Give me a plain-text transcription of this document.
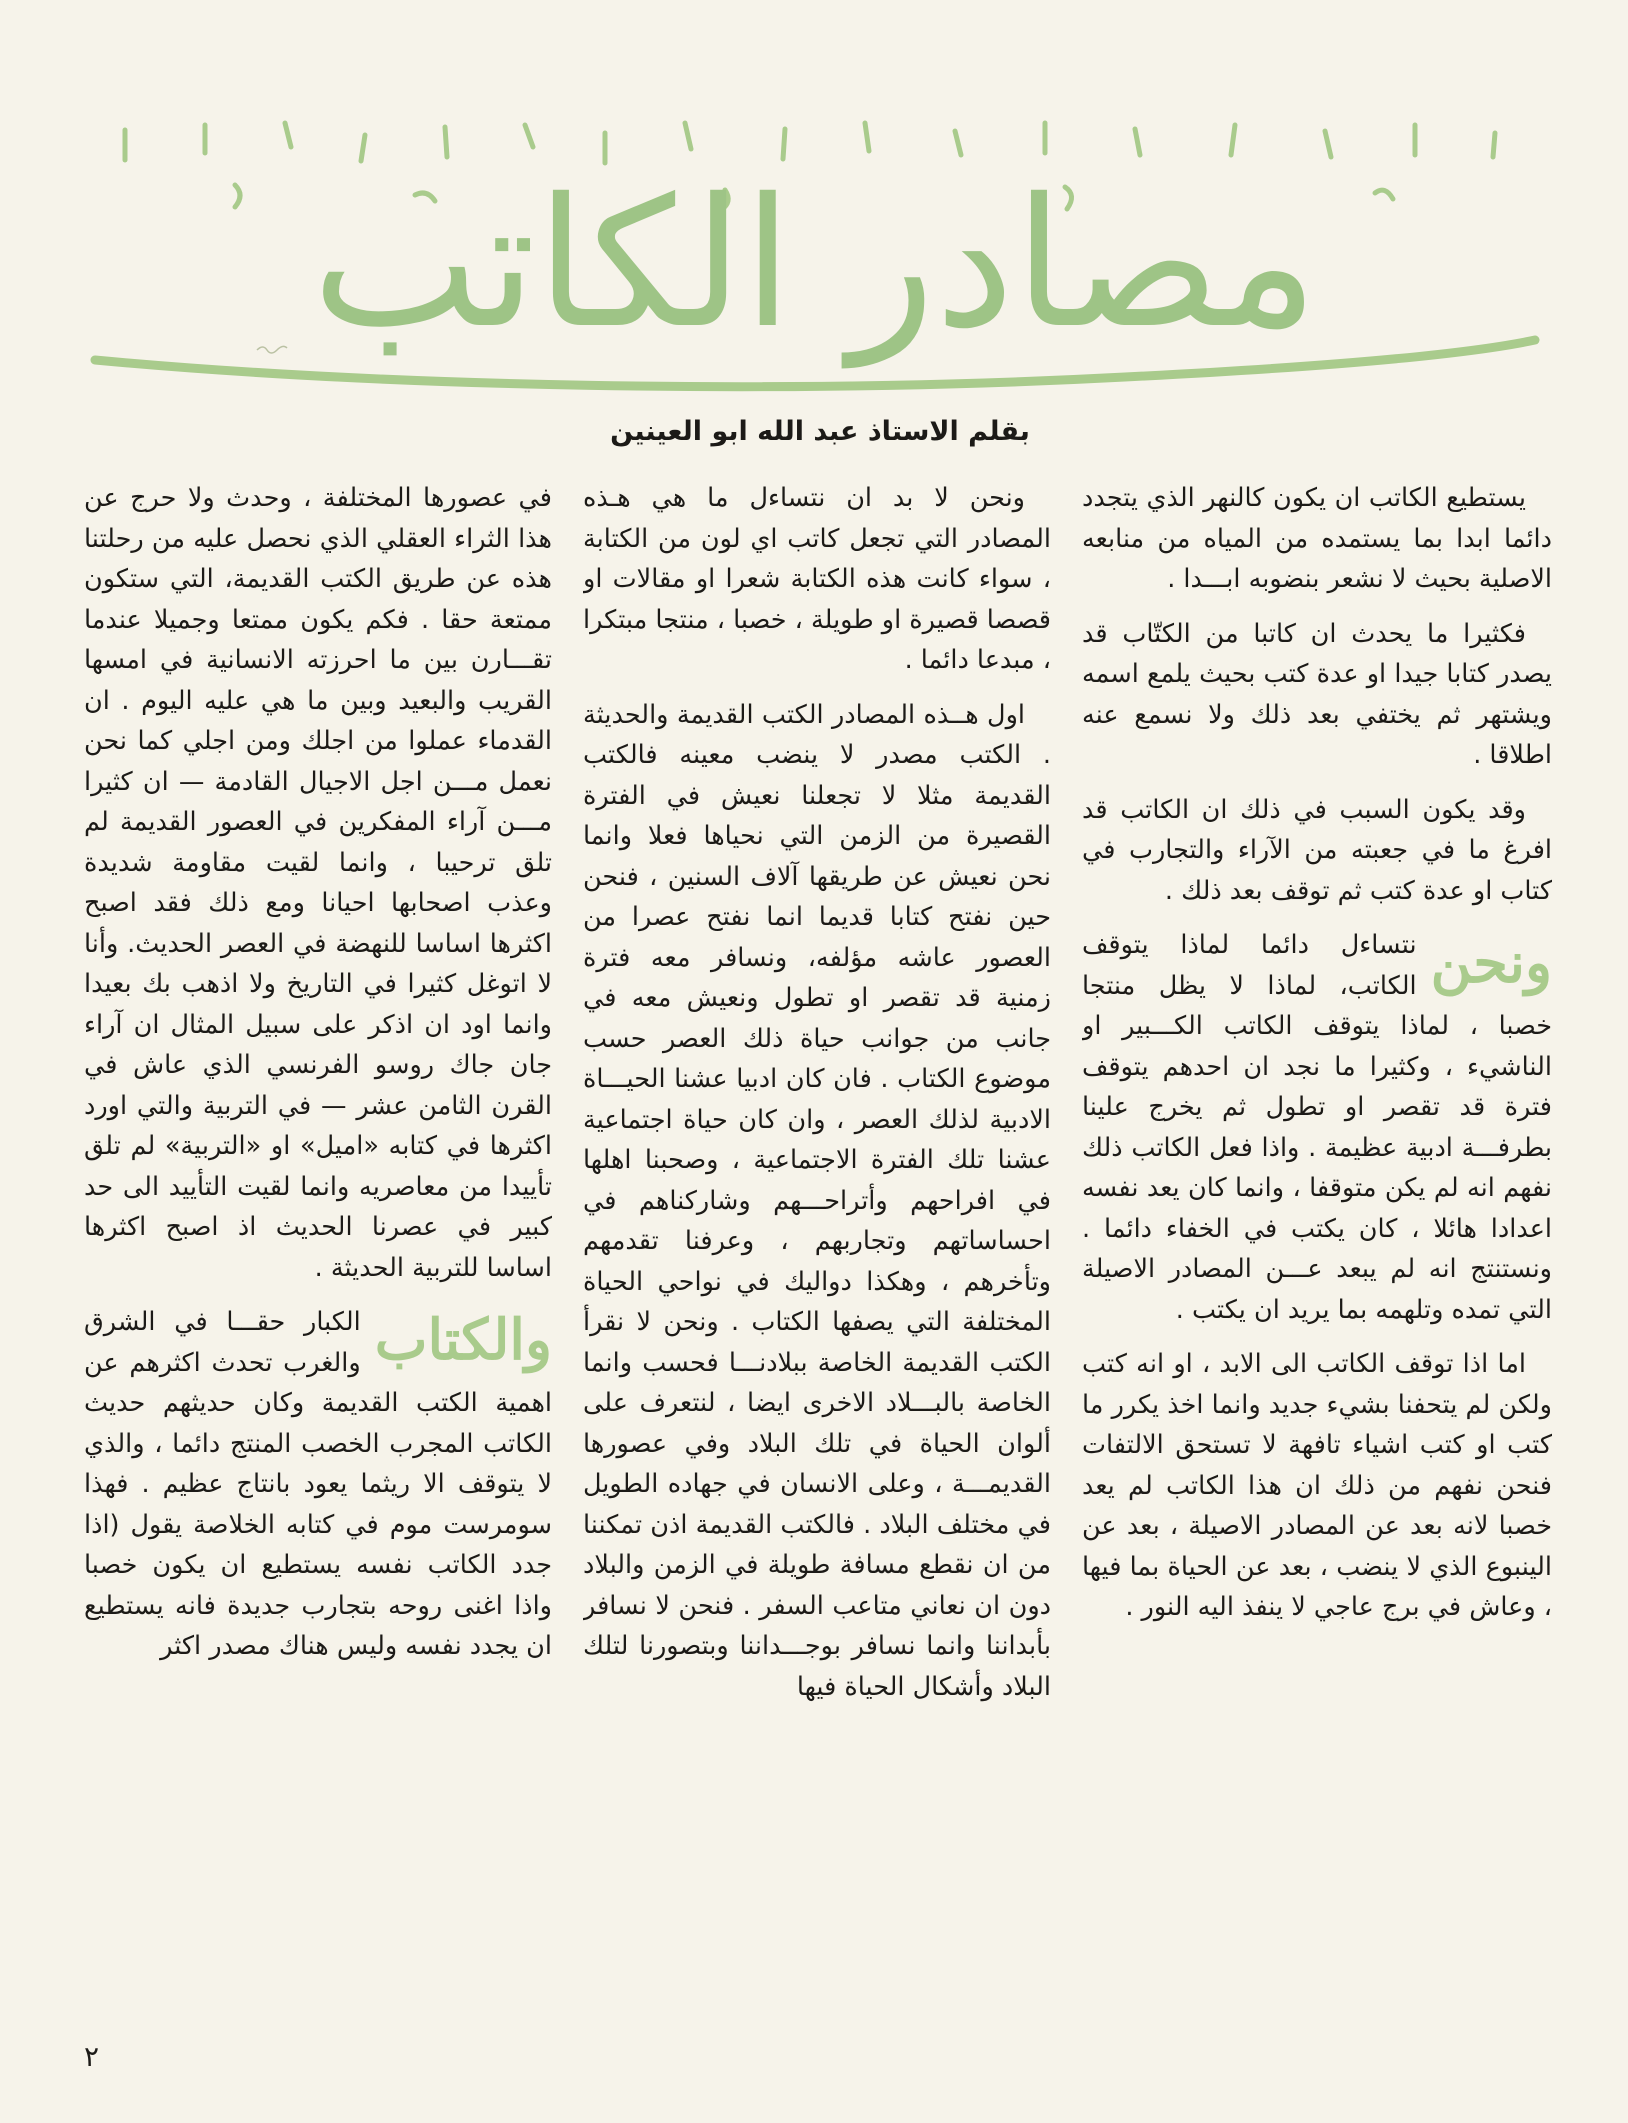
مصادر الكاتب
بقلم الاستاذ عبد الله ابو العينين

يستطيع الكاتب ان يكون كالنهر الذي يتجدد دائما ابدا بما يستمده من المياه من منابعه الاصلية بحيث لا نشعر بنضوبه ابـــدا .

فكثيرا ما يحدث ان كاتبا من الكتّاب قد يصدر كتابا جيدا او عدة كتب بحيث يلمع اسمه ويشتهر ثم يختفي بعد ذلك ولا نسمع عنه اطلاقا .

وقد يكون السبب في ذلك ان الكاتب قد افرغ ما في جعبته من الآراء والتجارب في كتاب او عدة كتب ثم توقف بعد ذلك .

ونحن
نتساءل دائما لماذا يتوقف الكاتب، لماذا لا يظل منتجا خصبا ، لماذا يتوقف الكاتب الكـــبير او الناشيء ، وكثيرا ما نجد ان احدهم يتوقف فترة قد تقصر او تطول ثم يخرج علينا بطرفـــة ادبية عظيمة . واذا فعل الكاتب ذلك نفهم انه لم يكن متوقفا ، وانما كان يعد نفسه اعدادا هائلا ، كان يكتب في الخفاء دائما . ونستنتج انه لم يبعد عـــن المصادر الاصيلة التي تمده وتلهمه بما يريد ان يكتب .

اما اذا توقف الكاتب الى الابد ، او انه كتب ولكن لم يتحفنا بشيء جديد وانما اخذ يكرر ما كتب او كتب اشياء تافهة لا تستحق الالتفات فنحن نفهم من ذلك ان هذا الكاتب لم يعد خصبا لانه بعد عن المصادر الاصيلة ، بعد عن الينبوع الذي لا ينضب ، بعد عن الحياة بما فيها ، وعاش في برج عاجي لا ينفذ اليه النور .

ونحن لا بد ان نتساءل ما هي هـذه المصادر التي تجعل كاتب اي لون من الكتابة ، سواء كانت هذه الكتابة شعرا او مقالات او قصصا قصيرة او طويلة ، خصبا ، منتجا مبتكرا ، مبدعا دائما .

اول هــذه المصادر الكتب القديمة والحديثة . الكتب مصدر لا ينضب معينه فالكتب القديمة مثلا لا تجعلنا نعيش في الفترة القصيرة من الزمن التي نحياها فعلا وانما نحن نعيش عن طريقها آلاف السنين ، فنحن حين نفتح كتابا قديما انما نفتح عصرا من العصور عاشه مؤلفه، ونسافر معه فترة زمنية قد تقصر او تطول ونعيش معه في جانب من جوانب حياة ذلك العصر حسب موضوع الكتاب . فان كان ادبيا عشنا الحيـــاة الادبية لذلك العصر ، وان كان حياة اجتماعية عشنا تلك الفترة الاجتماعية ، وصحبنا اهلها في افراحهم وأتراحـــهم وشاركناهم في احساساتهم وتجاربهم ، وعرفنا تقدمهم وتأخرهم ، وهكذا دواليك في نواحي الحياة المختلفة التي يصفها الكتاب . ونحن لا نقرأ الكتب القديمة الخاصة ببلادنـــا فحسب وانما الخاصة بالبـــلاد الاخرى ايضا ، لنتعرف على ألوان الحياة في تلك البلاد وفي عصورها القديمـــة ، وعلى الانسان في جهاده الطويل في مختلف البلاد . فالكتب القديمة اذن تمكننا من ان نقطع مسافة طويلة في الزمن والبلاد دون ان نعاني متاعب السفر . فنحن لا نسافر بأبداننا وانما نسافر بوجـــداننا وبتصورنا لتلك البلاد وأشكال الحياة فيها

في عصورها المختلفة ، وحدث ولا حرج عن هذا الثراء العقلي الذي نحصل عليه من رحلتنا هذه عن طريق الكتب القديمة، التي ستكون ممتعة حقا . فكم يكون ممتعا وجميلا عندما تقـــارن بين ما احرزته الانسانية في امسها القريب والبعيد وبين ما هي عليه اليوم . ان القدماء عملوا من اجلك ومن اجلي كما نحن نعمل مـــن اجل الاجيال القادمة — ان كثيرا مـــن آراء المفكرين في العصور القديمة لم تلق ترحيبا ، وانما لقيت مقاومة شديدة وعذب اصحابها احيانا ومع ذلك فقد اصبح اكثرها اساسا للنهضة في العصر الحديث. وأنا لا اتوغل كثيرا في التاريخ ولا اذهب بك بعيدا وانما اود ان اذكر على سبيل المثال ان آراء جان جاك روسو الفرنسي الذي عاش في القرن الثامن عشر — في التربية والتي اورد اكثرها في كتابه «اميل» او «التربية» لم تلق تأييدا من معاصريه وانما لقيت التأييد الى حد كبير في عصرنا الحديث اذ اصبح اكثرها اساسا للتربية الحديثة .

والكتاب
الكبار حقـــا في الشرق والغرب تحدث اكثرهم عن اهمية الكتب القديمة وكان حديثهم حديث الكاتب المجرب الخصب المنتج دائما ، والذي لا يتوقف الا ريثما يعود بانتاج عظيم . فهذا سومرست موم في كتابه الخلاصة يقول (اذا جدد الكاتب نفسه يستطيع ان يكون خصبا واذا اغنى روحه بتجارب جديدة فانه يستطيع ان يجدد نفسه وليس هناك مصدر اكثر

٢
